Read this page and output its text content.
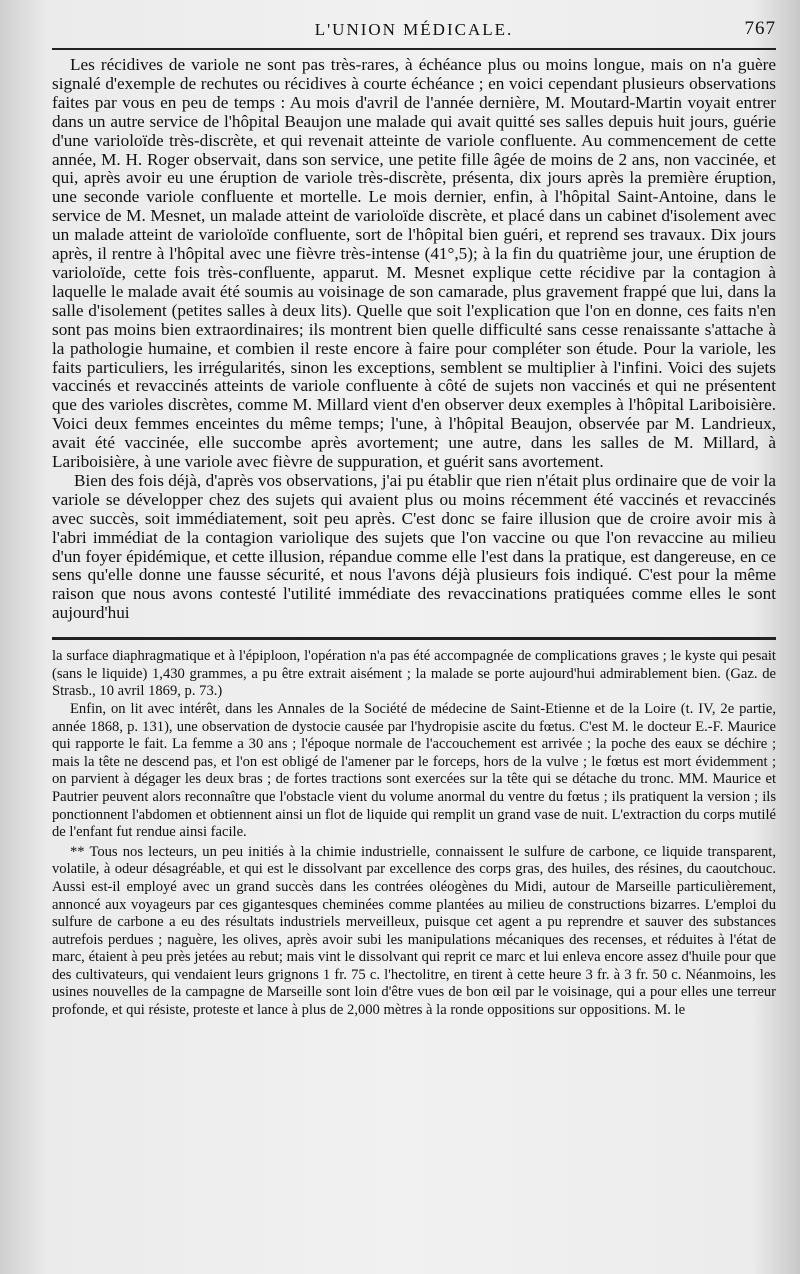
L'UNION MÉDICALE.	767

Les récidives de variole ne sont pas très-rares, à échéance plus ou moins longue, mais on n'a guère signalé d'exemple de rechutes ou récidives à courte échéance ; en voici cependant plusieurs observations faites par vous en peu de temps : Au mois d'avril de l'année dernière, M. Moutard-Martin voyait entrer dans un autre service de l'hôpital Beaujon une malade qui avait quitté ses salles depuis huit jours, guérie d'une varioloïde très-discrète, et qui revenait atteinte de variole confluente. Au commencement de cette année, M. H. Roger observait, dans son service, une petite fille âgée de moins de 2 ans, non vaccinée, et qui, après avoir eu une éruption de variole très-discrète, présenta, dix jours après la première éruption, une seconde variole confluente et mortelle. Le mois dernier, enfin, à l'hôpital Saint-Antoine, dans le service de M. Mesnet, un malade atteint de varioloïde discrète, et placé dans un cabinet d'isolement avec un malade atteint de varioloïde confluente, sort de l'hôpital bien guéri, et reprend ses travaux. Dix jours après, il rentre à l'hôpital avec une fièvre très-intense (41°,5); à la fin du quatrième jour, une éruption de varioloïde, cette fois très-confluente, apparut. M. Mesnet explique cette récidive par la contagion à laquelle le malade avait été soumis au voisinage de son camarade, plus gravement frappé que lui, dans la salle d'isolement (petites salles à deux lits). Quelle que soit l'explication que l'on en donne, ces faits n'en sont pas moins bien extraordinaires; ils montrent bien quelle difficulté sans cesse renaissante s'attache à la pathologie humaine, et combien il reste encore à faire pour compléter son étude. Pour la variole, les faits particuliers, les irrégularités, sinon les exceptions, semblent se multiplier à l'infini. Voici des sujets vaccinés et revaccinés atteints de variole confluente à côté de sujets non vaccinés et qui ne présentent que des varioles discrètes, comme M. Millard vient d'en observer deux exemples à l'hôpital Lariboisière. Voici deux femmes enceintes du même temps; l'une, à l'hôpital Beaujon, observée par M. Landrieux, avait été vaccinée, elle succombe après avortement; une autre, dans les salles de M. Millard, à Lariboisière, à une variole avec fièvre de suppuration, et guérit sans avortement.

Bien des fois déjà, d'après vos observations, j'ai pu établir que rien n'était plus ordinaire que de voir la variole se développer chez des sujets qui avaient plus ou moins récemment été vaccinés et revaccinés avec succès, soit immédiatement, soit peu après. C'est donc se faire illusion que de croire avoir mis à l'abri immédiat de la contagion variolique des sujets que l'on vaccine ou que l'on revaccine au milieu d'un foyer épidémique, et cette illusion, répandue comme elle l'est dans la pratique, est dangereuse, en ce sens qu'elle donne une fausse sécurité, et nous l'avons déjà plusieurs fois indiqué. C'est pour la même raison que nous avons contesté l'utilité immédiate des revaccinations pratiquées comme elles le sont aujourd'hui

la surface diaphragmatique et à l'épiploon, l'opération n'a pas été accompagnée de complications graves ; le kyste qui pesait (sans le liquide) 1,430 grammes, a pu être extrait aisément ; la malade se porte aujourd'hui admirablement bien. (Gaz. de Strasb., 10 avril 1869, p. 73.)

Enfin, on lit avec intérêt, dans les Annales de la Société de médecine de Saint-Etienne et de la Loire (t. IV, 2e partie, année 1868, p. 131), une observation de dystocie causée par l'hydropisie ascite du fœtus. C'est M. le docteur E.-F. Maurice qui rapporte le fait. La femme a 30 ans ; l'époque normale de l'accouchement est arrivée ; la poche des eaux se déchire ; mais la tête ne descend pas, et l'on est obligé de l'amener par le forceps, hors de la vulve ; le fœtus est mort évidemment ; on parvient à dégager les deux bras ; de fortes tractions sont exercées sur la tête qui se détache du tronc. MM. Maurice et Pautrier peuvent alors reconnaître que l'obstacle vient du volume anormal du ventre du fœtus ; ils pratiquent la version ; ils ponctionnent l'abdomen et obtiennent ainsi un flot de liquide qui remplit un grand vase de nuit. L'extraction du corps mutilé de l'enfant fut rendue ainsi facile.

** Tous nos lecteurs, un peu initiés à la chimie industrielle, connaissent le sulfure de carbone, ce liquide transparent, volatile, à odeur désagréable, et qui est le dissolvant par excellence des corps gras, des huiles, des résines, du caoutchouc. Aussi est-il employé avec un grand succès dans les contrées oléogènes du Midi, autour de Marseille particulièrement, annoncé aux voyageurs par ces gigantesques cheminées comme plantées au milieu de constructions bizarres. L'emploi du sulfure de carbone a eu des résultats industriels merveilleux, puisque cet agent a pu reprendre et sauver des substances autrefois perdues ; naguère, les olives, après avoir subi les manipulations mécaniques des recenses, et réduites à l'état de marc, étaient à peu près jetées au rebut; mais vint le dissolvant qui reprit ce marc et lui enleva encore assez d'huile pour que des cultivateurs, qui vendaient leurs grignons 1 fr. 75 c. l'hectolitre, en tirent à cette heure 3 fr. à 3 fr. 50 c. Néanmoins, les usines nouvelles de la campagne de Marseille sont loin d'être vues de bon œil par le voisinage, qui a pour elles une terreur profonde, et qui résiste, proteste et lance à plus de 2,000 mètres à la ronde oppositions sur oppositions. M. le
